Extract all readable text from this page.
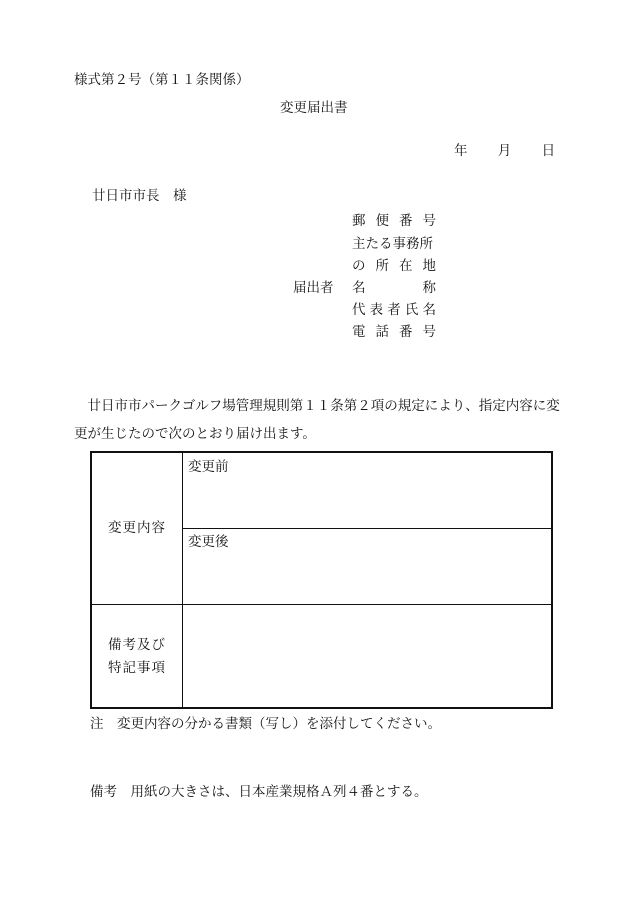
様式第２号（第１１条関係）
変更届出書
年 月 日
廿日市市長　様
届出者
郵 便 番 号
主たる事務所
の 所 在 地
名	称
代 表 者 氏 名
電 話 番 号
　廿日市市パークゴルフ場管理規則第１１条第２項の規定により、指定内容に変更が生じたので次のとおり届け出ます。
変更内容
変更前
変更後
備考及び
特記事項
注　変更内容の分かる書類（写し）を添付してください。
備考　用紙の大きさは、日本産業規格Ａ列４番とする。
